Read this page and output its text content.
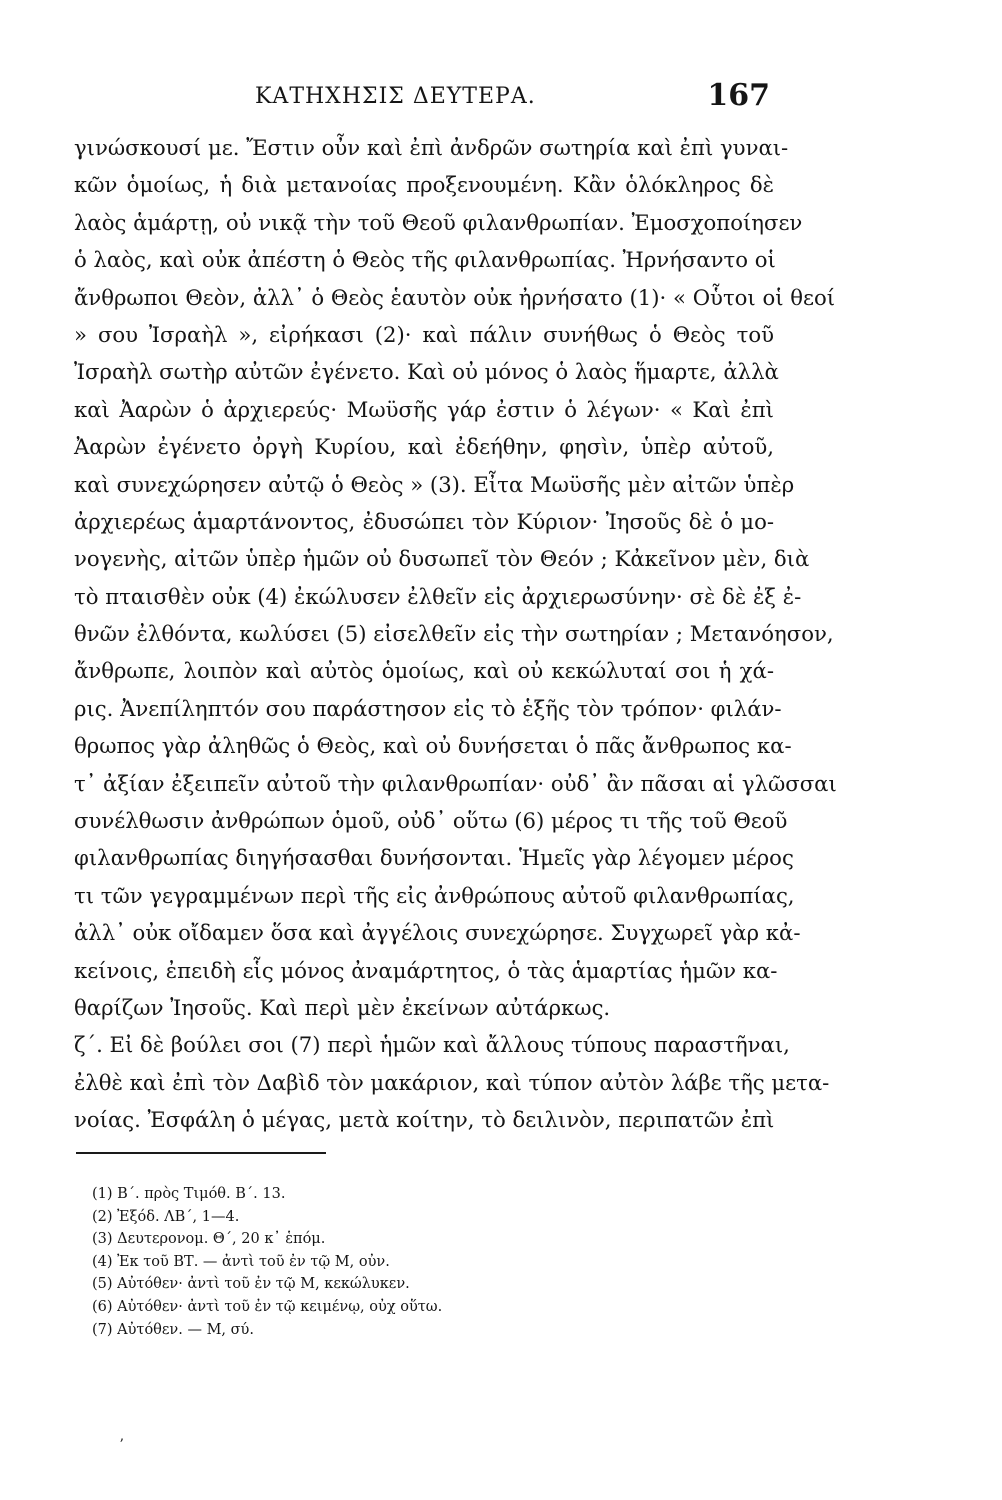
ΚΑΤΗΧΗΣΙΣ ΔΕΥΤΕΡΑ.	167
γινώσκουσί με. Ἔστιν οὖν καὶ ἐπὶ ἀνδρῶν σωτηρία καὶ ἐπὶ γυναι-
κῶν ὁμοίως, ἡ διὰ μετανοίας προξενουμένη. Κἂν ὁλόκληρος δὲ
λαὸς ἁμάρτῃ, οὐ νικᾷ τὴν τοῦ Θεοῦ φιλανθρωπίαν. Ἐμοσχοποίησεν
ὁ λαὸς, καὶ οὐκ ἀπέστη ὁ Θεὸς τῆς φιλανθρωπίας. Ἠρνήσαντο οἱ
ἄνθρωποι Θεὸν, ἀλλ᾽ ὁ Θεὸς ἑαυτὸν οὐκ ἠρνήσατο (1)· « Οὗτοι οἱ θεοί
» σου Ἰσραὴλ », εἰρήκασι (2)· καὶ πάλιν συνήθως ὁ Θεὸς τοῦ
Ἰσραὴλ σωτὴρ αὐτῶν ἐγένετο. Καὶ οὐ μόνος ὁ λαὸς ἥμαρτε, ἀλλὰ
καὶ Ἀαρὼν ὁ ἀρχιερεύς· Μωϋσῆς γάρ ἐστιν ὁ λέγων· « Καὶ ἐπὶ
Ἀαρὼν ἐγένετο ὀργὴ Κυρίου, καὶ ἐδεήθην, φησὶν, ὑπὲρ αὐτοῦ,
καὶ συνεχώρησεν αὐτῷ ὁ Θεὸς » (3). Εἶτα Μωϋσῆς μὲν αἰτῶν ὑπὲρ
ἀρχιερέως ἁμαρτάνοντος, ἐδυσώπει τὸν Κύριον· Ἰησοῦς δὲ ὁ μο-
νογενὴς, αἰτῶν ὑπὲρ ἡμῶν οὐ δυσωπεῖ τὸν Θεόν ; Κἀκεῖνον μὲν, διὰ
τὸ πταισθὲν οὐκ (4) ἐκώλυσεν ἐλθεῖν εἰς ἀρχιερωσύνην· σὲ δὲ ἐξ ἐ-
θνῶν ἐλθόντα, κωλύσει (5) εἰσελθεῖν εἰς τὴν σωτηρίαν ; Μετανόησον,
ἄνθρωπε, λοιπὸν καὶ αὐτὸς ὁμοίως, καὶ οὐ κεκώλυταί σοι ἡ χά-
ρις. Ἀνεπίληπτόν σου παράστησον εἰς τὸ ἑξῆς τὸν τρόπον· φιλάν-
θρωπος γὰρ ἀληθῶς ὁ Θεὸς, καὶ οὐ δυνήσεται ὁ πᾶς ἄνθρωπος κα-
τ᾽ ἀξίαν ἐξειπεῖν αὐτοῦ τὴν φιλανθρωπίαν· οὐδ᾽ ἂν πᾶσαι αἱ γλῶσσαι
συνέλθωσιν ἀνθρώπων ὁμοῦ, οὐδ᾽ οὕτω (6) μέρος τι τῆς τοῦ Θεοῦ
φιλανθρωπίας διηγήσασθαι δυνήσονται. Ἡμεῖς γὰρ λέγομεν μέρος
τι τῶν γεγραμμένων περὶ τῆς εἰς ἀνθρώπους αὐτοῦ φιλανθρωπίας,
ἀλλ᾽ οὐκ οἴδαμεν ὅσα καὶ ἀγγέλοις συνεχώρησε. Συγχωρεῖ γὰρ κἀ-
κείνοις, ἐπειδὴ εἷς μόνος ἀναμάρτητος, ὁ τὰς ἁμαρτίας ἡμῶν κα-
θαρίζων Ἰησοῦς. Καὶ περὶ μὲν ἐκείνων αὐτάρκως.
ζ΄. Εἰ δὲ βούλει σοι (7) περὶ ἡμῶν καὶ ἄλλους τύπους παραστῆναι,
ἐλθὲ καὶ ἐπὶ τὸν Δαβὶδ τὸν μακάριον, καὶ τύπον αὐτὸν λάβε τῆς μετα-
νοίας. Ἐσφάλη ὁ μέγας, μετὰ κοίτην, τὸ δειλινὸν, περιπατῶν ἐπὶ
(1) Β΄. πρὸς Τιμόθ. Β΄. 13.
(2) Ἐξόδ. ΛΒ΄, 1—4.
(3) Δευτερονομ. Θ΄, 20 κ᾽ ἑπόμ.
(4) Ἐκ τοῦ ΒΤ. — ἀντὶ τοῦ ἐν τῷ Μ, οὐν.
(5) Αὐτόθεν· ἀντὶ τοῦ ἐν τῷ Μ, κεκώλυκεν.
(6) Αὐτόθεν· ἀντὶ τοῦ ἐν τῷ κειμένῳ, οὐχ οὕτω.
(7) Αὐτόθεν. — Μ, σύ.
ʼ
